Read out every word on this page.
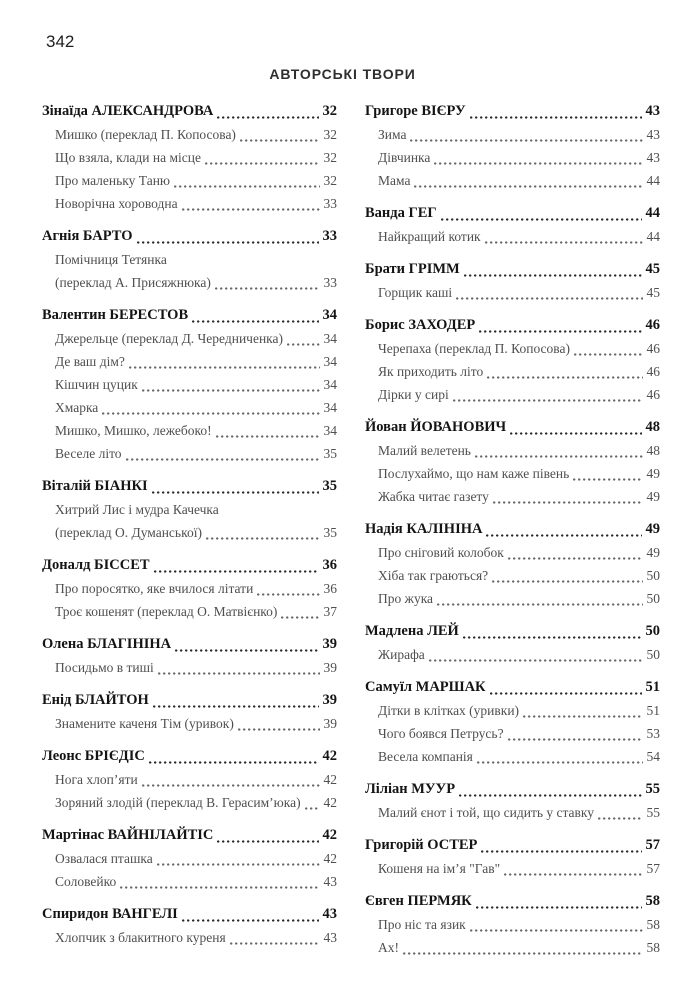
342
АВТОРСЬКІ ТВОРИ
Зінаїда АЛЕКСАНДРОВА	32
Мишко (переклад П. Копосова)	32
Що взяла, клади на місце	32
Про маленьку Таню	32
Новорічна хороводна	33
Агнія БАРТО	33
Помічниця Тетянка
(переклад А. Присяжнюка)	33
Валентин БЕРЕСТОВ	34
Джерельце (переклад Д. Чередниченка)	34
Де ваш дім?	34
Кішчин цуцик	34
Хмарка	34
Мишко, Мишко, лежебоко!	34
Веселе літо	35
Віталій БІАНКІ	35
Хитрий Лис і мудра Качечка
(переклад О. Думанської)	35
Доналд БІССЕТ	36
Про поросятко, яке вчилося літати	36
Троє кошенят (переклад О. Матвієнко)	37
Олена БЛАГІНІНА	39
Посидьмо в тиші	39
Енід БЛАЙТОН	39
Знамените каченя Тім (уривок)	39
Леонс БРІЄДІС	42
Нога хлоп’яти	42
Зоряний злодій (переклад В. Герасим’юка) 42
Мартінас ВАЙНІЛАЙТІС	42
Озвалася пташка	42
Соловейко	43
Спиридон ВАНГЕЛІ	43
Хлопчик з блакитного куреня	43
Григоре ВІЄРУ	43
Зима	43
Дівчинка	43
Мама	44
Ванда ГЕГ	44
Найкращий котик	44
Брати ГРІММ	45
Горщик каші	45
Борис ЗАХОДЕР	46
Черепаха (переклад П. Копосова)	46
Як приходить літо	46
Дірки у сирі	46
Йован ЙОВАНОВИЧ	48
Малий велетень	48
Послухаймо, що нам каже півень	49
Жабка читає газету	49
Надія КАЛІНІНА	49
Про сніговий колобок	49
Хіба так граються?	50
Про жука	50
Мадлена ЛЕЙ	50
Жирафа	50
Самуїл МАРШАК	51
Дітки в клітках (уривки)	51
Чого боявся Петрусь?	53
Весела компанія	54
Ліліан МУУР	55
Малий єнот і той, що сидить у ставку	55
Григорій ОСТЕР	57
Кошеня на ім’я "Гав"	57
Євген ПЕРМЯК	58
Про ніс та язик	58
Ах!	58
